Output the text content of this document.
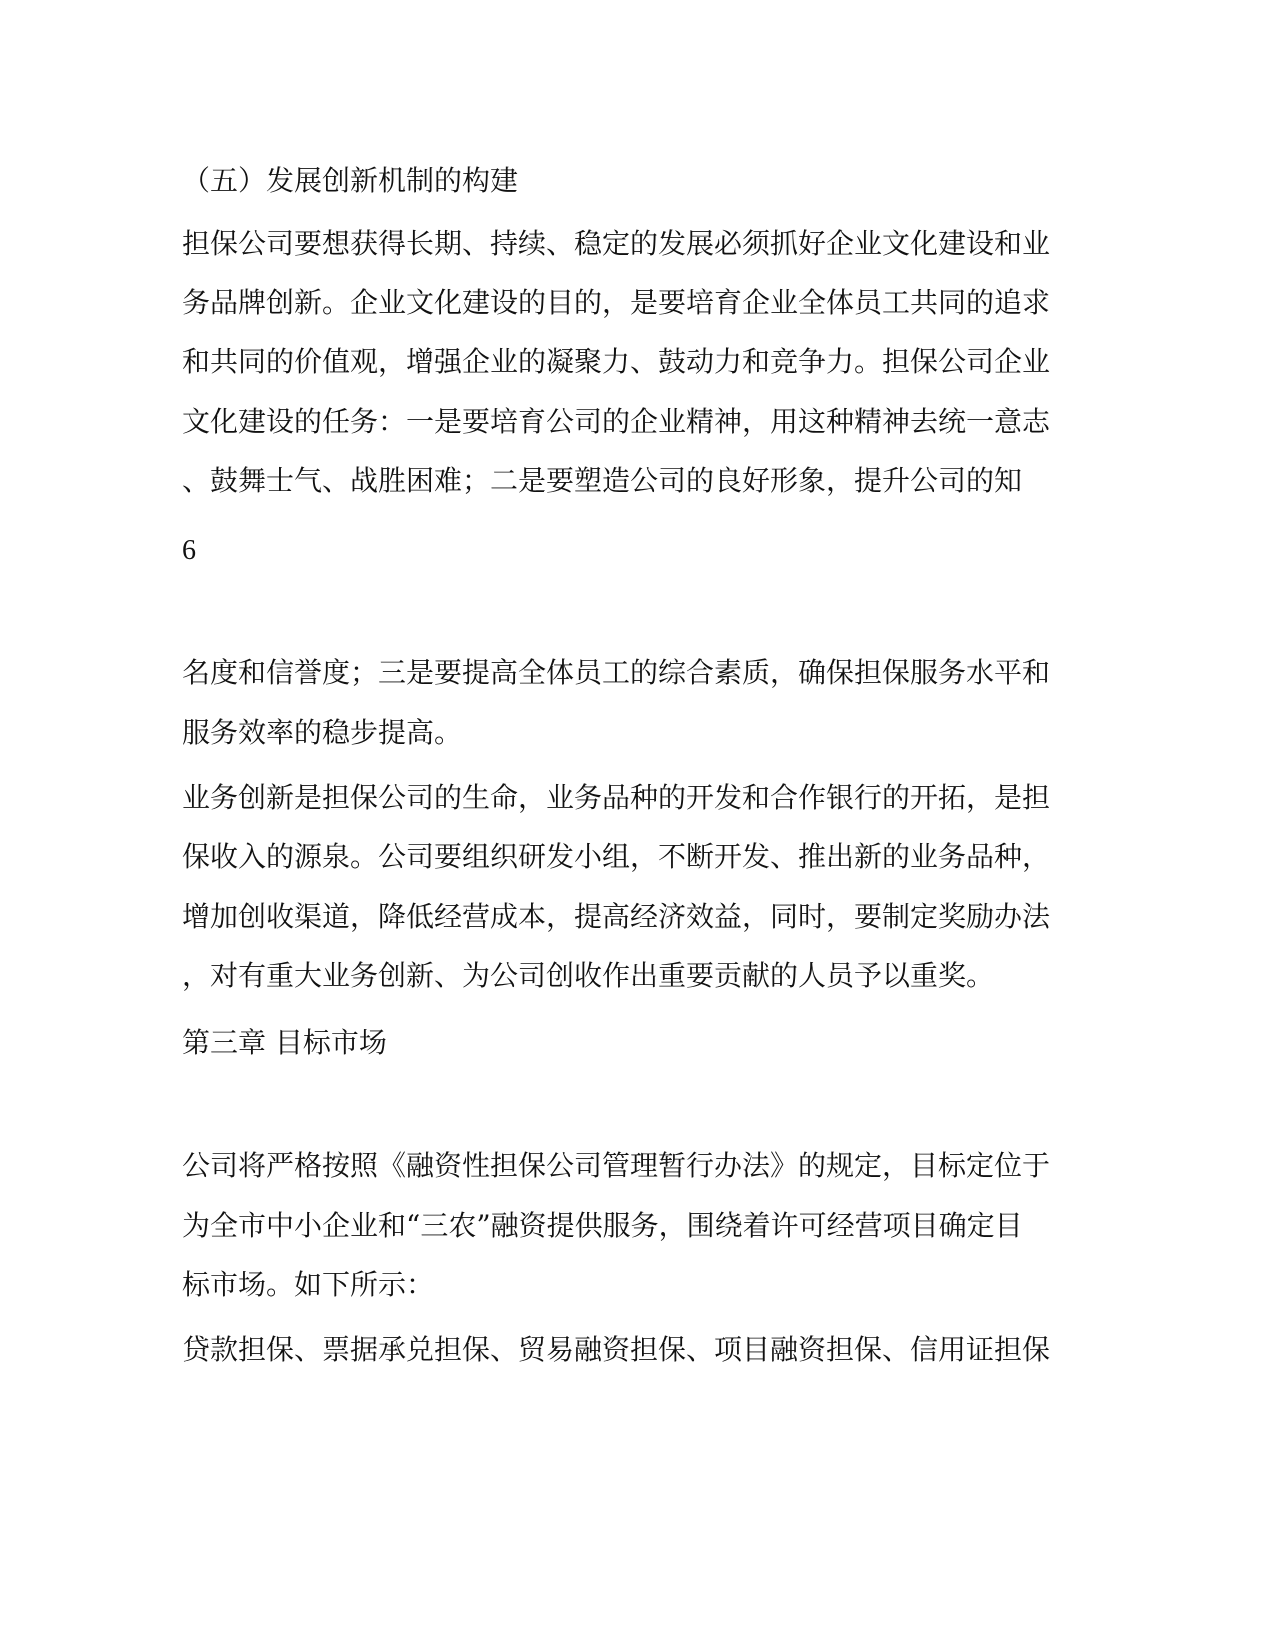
（五）发展创新机制的构建
担保公司要想获得长期、持续、稳定的发展必须抓好企业文化建设和业
务品牌创新。企业文化建设的目的，是要培育企业全体员工共同的追求
和共同的价值观，增强企业的凝聚力、鼓动力和竞争力。担保公司企业
文化建设的任务：一是要培育公司的企业精神，用这种精神去统一意志
、鼓舞士气、战胜困难；二是要塑造公司的良好形象，提升公司的知
6
名度和信誉度；三是要提高全体员工的综合素质，确保担保服务水平和
服务效率的稳步提高。
业务创新是担保公司的生命，业务品种的开发和合作银行的开拓，是担
保收入的源泉。公司要组织研发小组，不断开发、推出新的业务品种，
增加创收渠道，降低经营成本，提高经济效益，同时，要制定奖励办法
，对有重大业务创新、为公司创收作出重要贡献的人员予以重奖。
第三章 目标市场
公司将严格按照《融资性担保公司管理暂行办法》的规定，目标定位于
为全市中小企业和“三农”融资提供服务，围绕着许可经营项目确定目
标市场。如下所示：
贷款担保、票据承兑担保、贸易融资担保、项目融资担保、信用证担保
